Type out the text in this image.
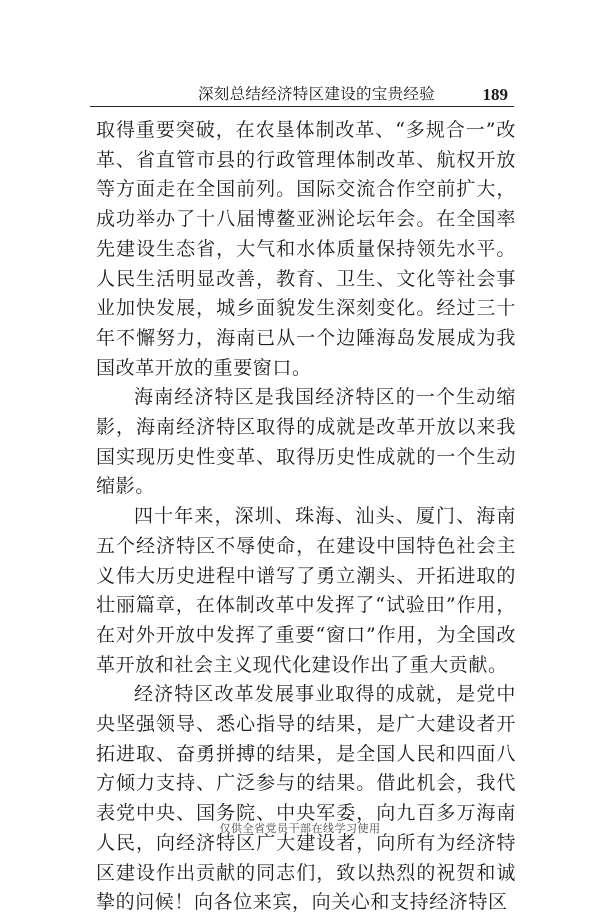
深刻总结经济特区建设的宝贵经验	189

取得重要突破，在农垦体制改革、“多规合一”改革、省直管市县的行政管理体制改革、航权开放等方面走在全国前列。国际交流合作空前扩大，成功举办了十八届博鳌亚洲论坛年会。在全国率先建设生态省，大气和水体质量保持领先水平。人民生活明显改善，教育、卫生、文化等社会事业加快发展，城乡面貌发生深刻变化。经过三十年不懈努力，海南已从一个边陲海岛发展成为我国改革开放的重要窗口。

海南经济特区是我国经济特区的一个生动缩影，海南经济特区取得的成就是改革开放以来我国实现历史性变革、取得历史性成就的一个生动缩影。

四十年来，深圳、珠海、汕头、厦门、海南五个经济特区不辱使命，在建设中国特色社会主义伟大历史进程中谱写了勇立潮头、开拓进取的壮丽篇章，在体制改革中发挥了“试验田”作用，在对外开放中发挥了重要“窗口”作用，为全国改革开放和社会主义现代化建设作出了重大贡献。

经济特区改革发展事业取得的成就，是党中央坚强领导、悉心指导的结果，是广大建设者开拓进取、奋勇拼搏的结果，是全国人民和四面八方倾力支持、广泛参与的结果。借此机会，我代表党中央、国务院、中央军委，向九百多万海南人民，向经济特区广大建设者，向所有为经济特区建设作出贡献的同志们，致以热烈的祝贺和诚挚的问候！向各位来宾，向关心和支持经济特区

仅供全省党员干部在线学习使用
